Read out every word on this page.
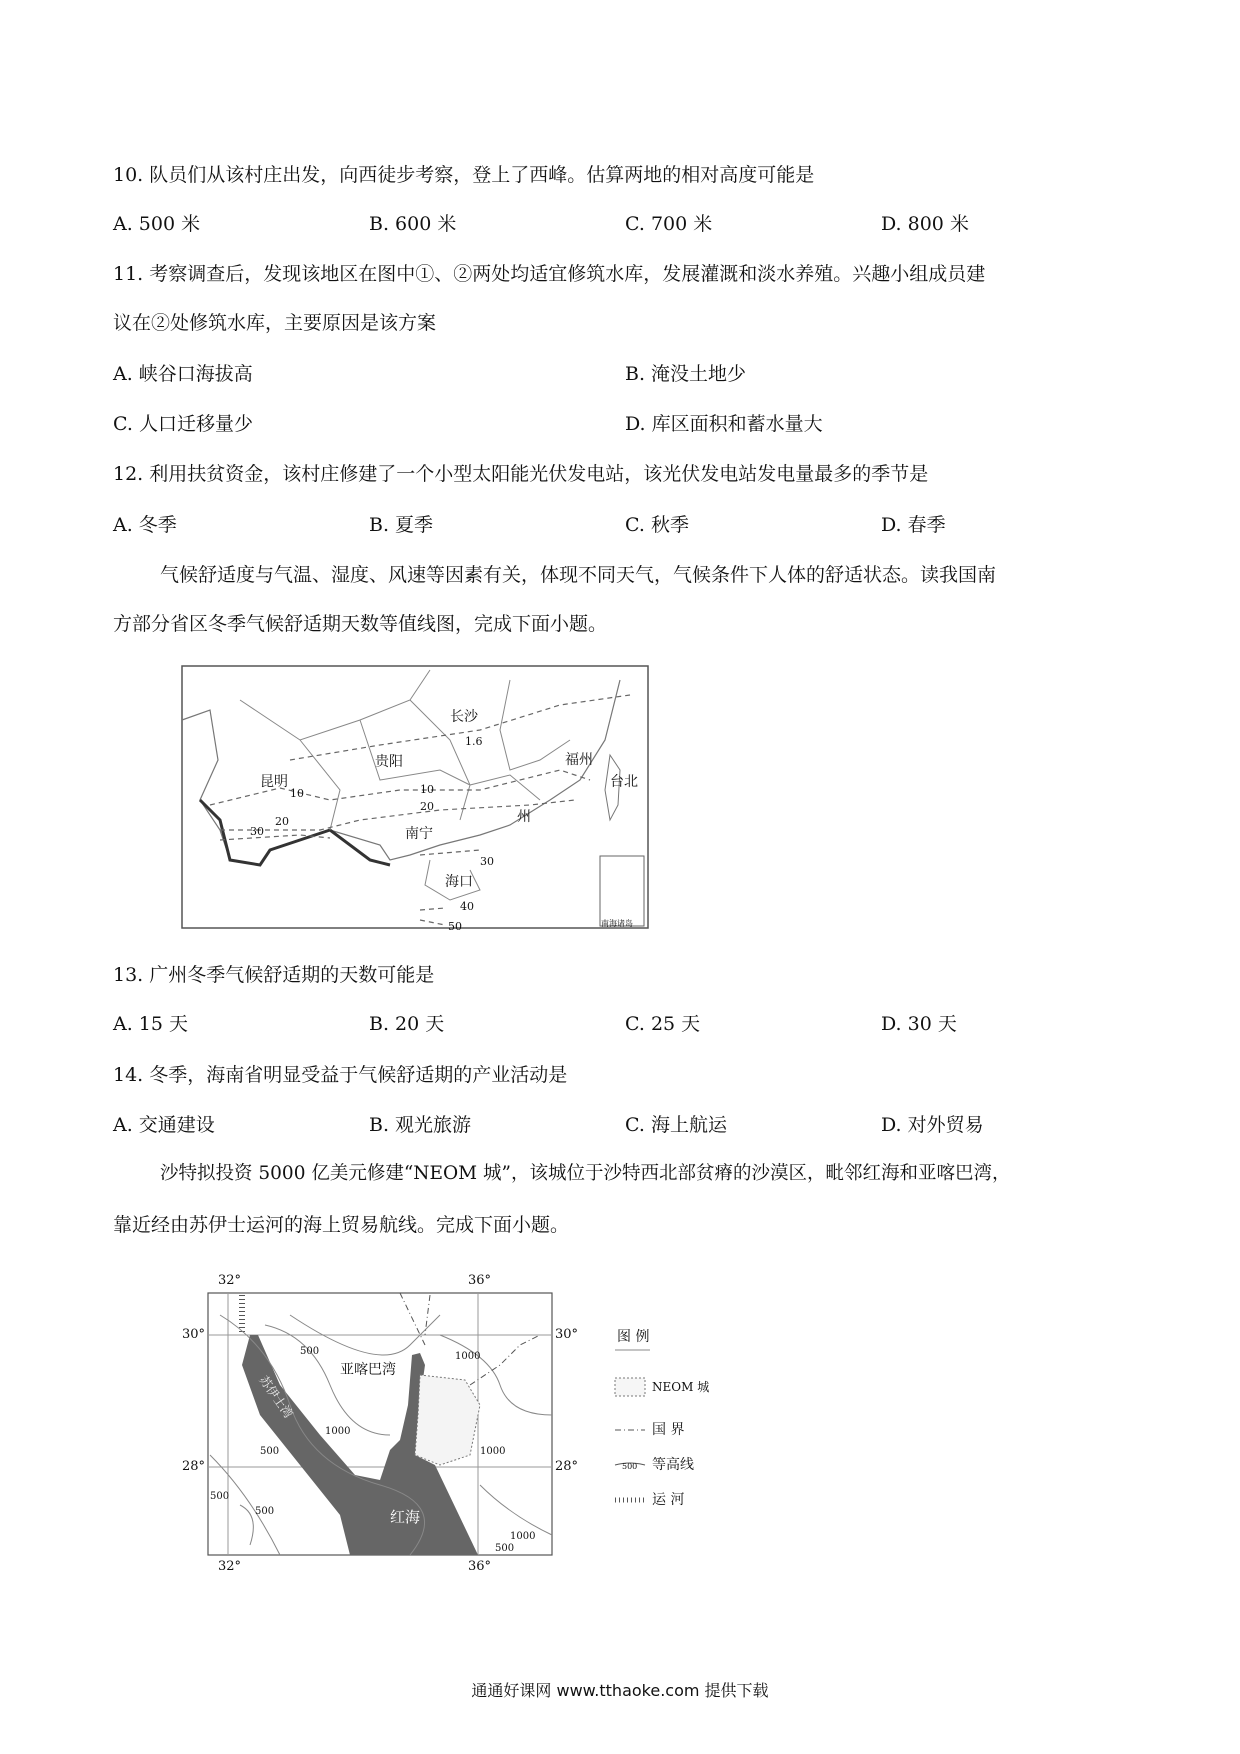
10. 队员们从该村庄出发，向西徒步考察，登上了西峰。估算两地的相对高度可能是
A. 500 米	B. 600 米	C. 700 米	D. 800 米
11. 考察调查后，发现该地区在图中①、②两处均适宜修筑水库，发展灌溉和淡水养殖。兴趣小组成员建
议在②处修筑水库，主要原因是该方案
A. 峡谷口海拔高	B. 淹没土地少
C. 人口迁移量少	D. 库区面积和蓄水量大
12. 利用扶贫资金，该村庄修建了一个小型太阳能光伏发电站，该光伏发电站发电量最多的季节是
A. 冬季	B. 夏季	C. 秋季	D. 春季
气候舒适度与气温、湿度、风速等因素有关，体现不同天气，气候条件下人体的舒适状态。读我国南
方部分省区冬季气候舒适期天数等值线图，完成下面小题。
长沙
贵阳
昆明
福州
台北
南宁
州
海口
1.6
10
20
10
20
30
30
40
50	南海诸岛
13. 广州冬季气候舒适期的天数可能是
A. 15 天	B. 20 天	C. 25 天	D. 30 天
14. 冬季，海南省明显受益于气候舒适期的产业活动是
A. 交通建设	B. 观光旅游	C. 海上航运	D. 对外贸易
沙特拟投资 5000 亿美元修建“NEOM 城”，该城位于沙特西北部贫瘠的沙漠区，毗邻红海和亚喀巴湾，
靠近经由苏伊士运河的海上贸易航线。完成下面小题。
32°	36°
32°	36°
30°
28°
30°
28°
亚喀巴湾
苏伊士湾
红海
500
1000
1000
500	1000
500
500
1000
500
图 例
NEOM 城
国 界
等高线
500
运 河
通通好课网 www.tthaoke.com 提供下载
